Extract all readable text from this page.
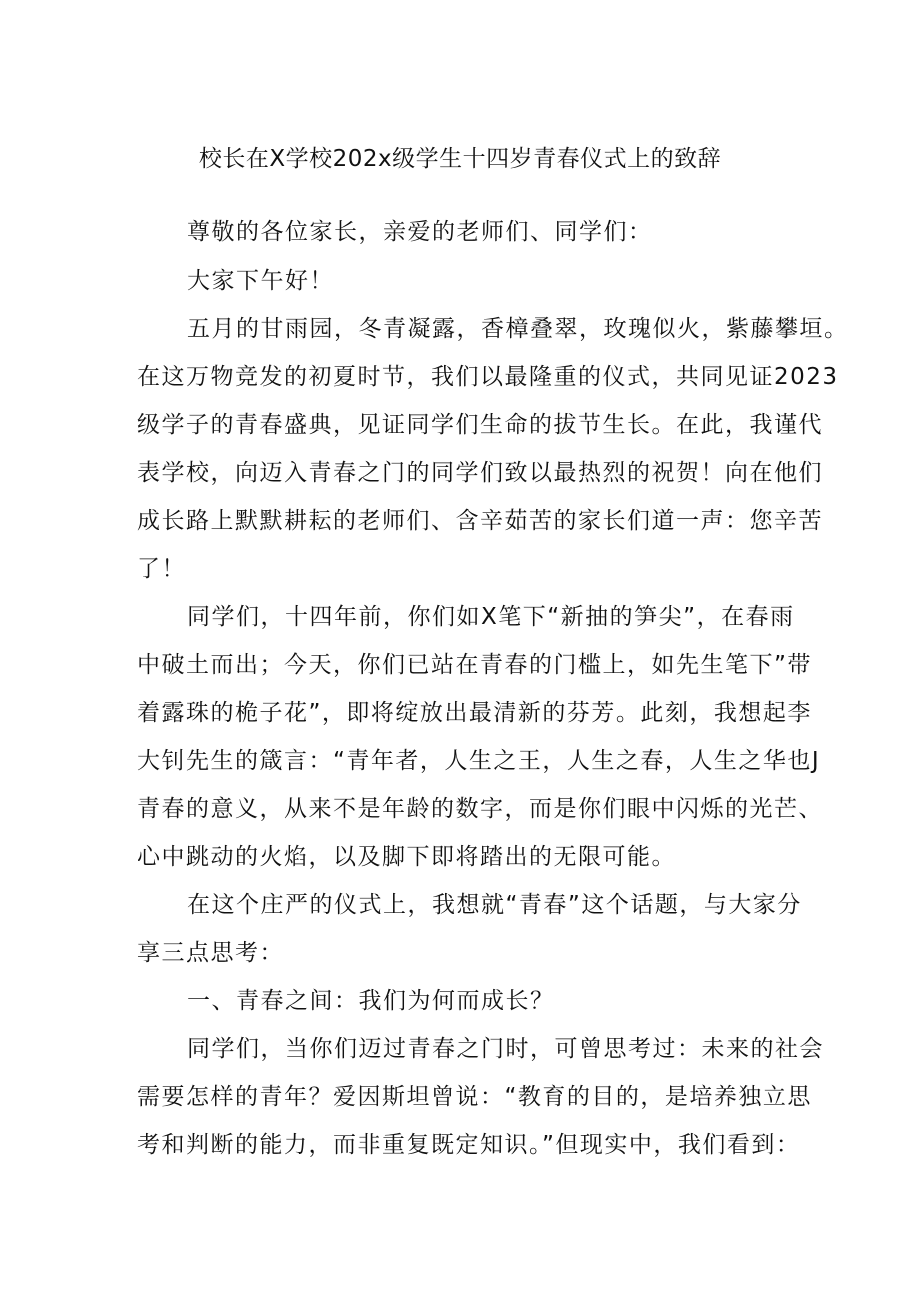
校长在X学校202x级学生十四岁青春仪式上的致辞
尊敬的各位家长，亲爱的老师们、同学们：
大家下午好！
五月的甘雨园，冬青凝露，香樟叠翠，玫瑰似火，紫藤攀垣。
在这万物竞发的初夏时节，我们以最隆重的仪式，共同见证2023
级学子的青春盛典，见证同学们生命的拔节生长。在此，我谨代
表学校，向迈入青春之门的同学们致以最热烈的祝贺！向在他们
成长路上默默耕耘的老师们、含辛茹苦的家长们道一声：您辛苦
了！
同学们，十四年前，你们如X笔下“新抽的笋尖”，在春雨
中破土而出；今天，你们已站在青春的门槛上，如先生笔下”带
着露珠的桅子花”，即将绽放出最清新的芬芳。此刻，我想起李
大钊先生的箴言：“青年者，人生之王，人生之春，人生之华也J
青春的意义，从来不是年龄的数字，而是你们眼中闪烁的光芒、
心中跳动的火焰，以及脚下即将踏出的无限可能。
在这个庄严的仪式上，我想就“青春”这个话题，与大家分
享三点思考：
一、青春之间：我们为何而成长？
同学们，当你们迈过青春之门时，可曾思考过：未来的社会
需要怎样的青年？爱因斯坦曾说：“教育的目的，是培养独立思
考和判断的能力，而非重复既定知识。”但现实中，我们看到：
